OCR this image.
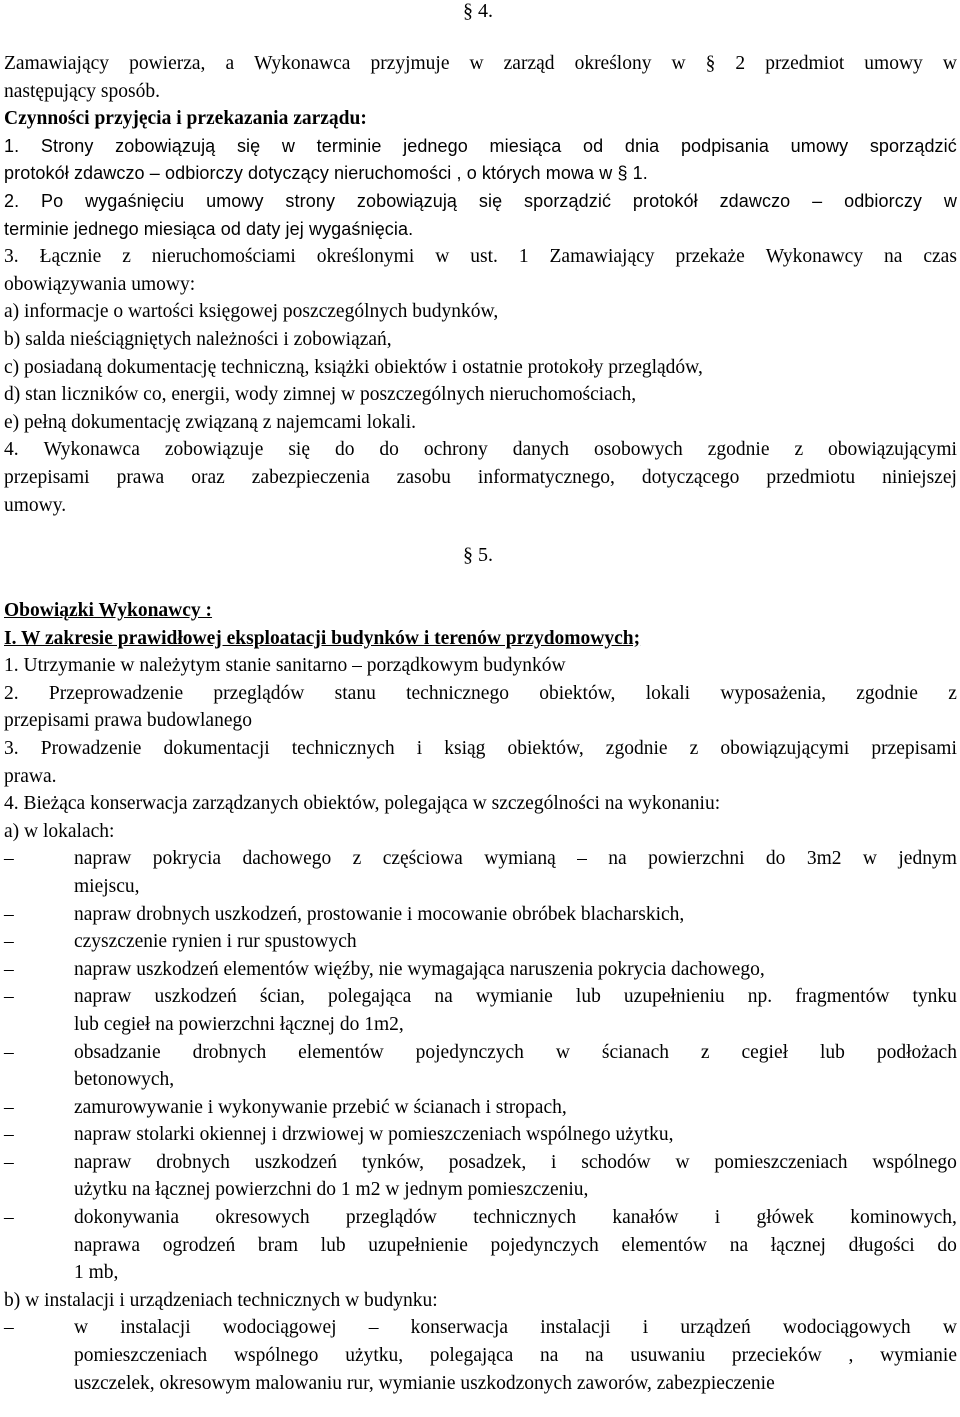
§ 4.
Zamawiający powierza, a Wykonawca przyjmuje w zarząd określony w § 2 przedmiot umowy w
następujący sposób.
Czynności przyjęcia i przekazania zarządu:
1. Strony zobowiązują się w terminie jednego miesiąca od dnia podpisania umowy sporządzić
protokół zdawczo – odbiorczy dotyczący nieruchomości , o których mowa w § 1.
2. Po wygaśnięciu umowy strony zobowiązują się sporządzić protokół zdawczo – odbiorczy w
terminie jednego miesiąca od daty jej wygaśnięcia.
3. Łącznie z nieruchomościami określonymi w ust. 1 Zamawiający przekaże Wykonawcy na czas
obowiązywania umowy:
a) informacje o wartości księgowej poszczególnych budynków,
b) salda nieściągniętych należności i zobowiązań,
c) posiadaną dokumentację techniczną, książki obiektów i ostatnie protokoły przeglądów,
d) stan liczników co, energii, wody zimnej w poszczególnych nieruchomościach,
e) pełną dokumentację związaną z najemcami lokali.
4. Wykonawca zobowiązuje się do do ochrony danych osobowych zgodnie z obowiązującymi
przepisami prawa oraz zabezpieczenia zasobu informatycznego, dotyczącego przedmiotu niniejszej
umowy.
§ 5.
Obowiązki Wykonawcy :
I. W zakresie prawidłowej eksploatacji budynków i terenów przydomowych;
1. Utrzymanie w należytym stanie sanitarno – porządkowym budynków
2. Przeprowadzenie przeglądów stanu technicznego obiektów, lokali wyposażenia, zgodnie z
przepisami prawa budowlanego
3. Prowadzenie dokumentacji technicznych i ksiąg obiektów, zgodnie z obowiązującymi przepisami
prawa.
4. Bieżąca konserwacja zarządzanych obiektów, polegająca w szczególności na wykonaniu:
a) w lokalach:
–	napraw pokrycia dachowego z częściowa wymianą – na powierzchni do 3m2 w jednym
miejscu,
–	napraw drobnych uszkodzeń, prostowanie i mocowanie obróbek blacharskich,
–	czyszczenie rynien i rur spustowych
–	napraw uszkodzeń elementów więźby, nie wymagająca naruszenia pokrycia dachowego,
–	napraw uszkodzeń ścian, polegająca na wymianie lub uzupełnieniu np. fragmentów tynku
lub cegieł na powierzchni łącznej do 1m2,
–	obsadzanie drobnych elementów pojedynczych w ścianach z cegieł lub podłożach
betonowych,
–	zamurowywanie i wykonywanie przebić w ścianach i stropach,
–	napraw stolarki okiennej i drzwiowej w pomieszczeniach wspólnego użytku,
–	napraw drobnych uszkodzeń tynków, posadzek, i schodów w pomieszczeniach wspólnego
użytku na łącznej powierzchni do 1 m2 w jednym pomieszczeniu,
–	dokonywania okresowych przeglądów technicznych kanałów i główek kominowych,
naprawa ogrodzeń bram lub uzupełnienie pojedynczych elementów na łącznej długości do
1 mb,
b) w instalacji i urządzeniach technicznych w budynku:
–	w instalacji wodociągowej – konserwacja instalacji i urządzeń wodociągowych w
pomieszczeniach wspólnego użytku, polegająca na na usuwaniu przecieków , wymianie
uszczelek, okresowym malowaniu rur, wymianie uszkodzonych zaworów, zabezpieczenie
